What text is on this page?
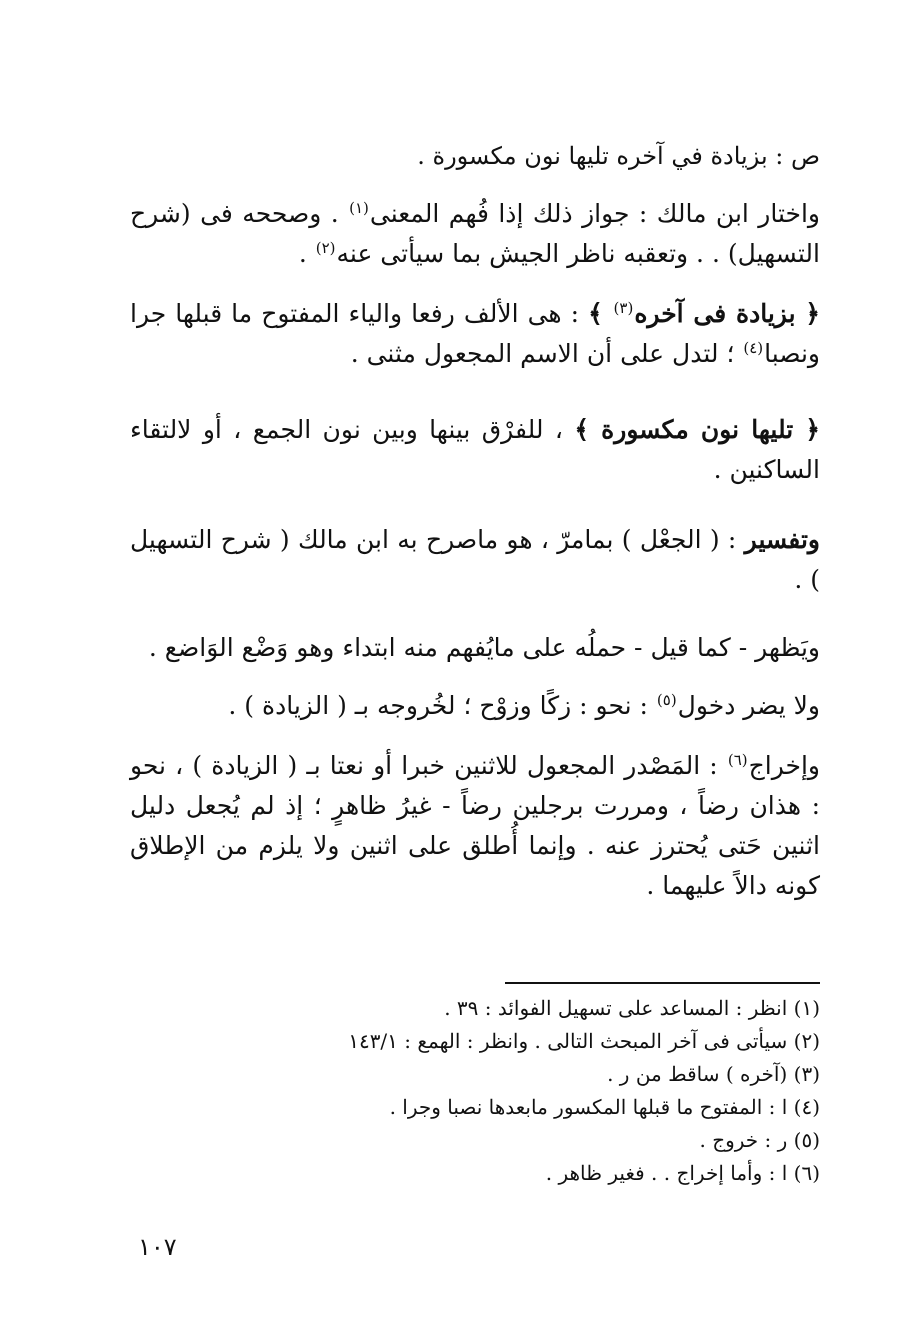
ص : بزيادة في آخره تليها نون مكسورة .
واختار ابن مالك : جواز ذلك إذا فُهم المعنى$^{(١)}$ . وصححه فى (شرح التسهيل) . . وتعقبه ناظر الجيش بما سيأتى عنه$^{(٢)}$ .
﴿ بزيادة فى آخره$^{(٣)}$ ﴾ : هى الألف رفعا والياء المفتوح ما قبلها جرا ونصبا$^{(٤)}$ ؛ لتدل على أن الاسم المجعول مثنى .
﴿ تليها نون مكسورة ﴾ ، للفرْق بينها وبين نون الجمع ، أو لالتقاء الساكنين .
وتفسير : ( الجعْل ) بمامرّ ، هو ماصرح به ابن مالك ( شرح التسهيل ) .
ويَظهر - كما قيل - حملُه على مايُفهم منه ابتداء وهو وَضْع الوَاضع .
ولا يضر دخول$^{(٥)}$ : نحو : زكًا وزوْح ؛ لخُروجه بـ ( الزيادة ) .
وإخراج$^{(٦)}$ : المَصْدر المجعول للاثنين خبرا أو نعتا بـ ( الزيادة ) ، نحو : هذان رضاً ، ومررت برجلين رضاً - غيرُ ظاهرٍ ؛ إذ لم يُجعل دليل اثنين حَتى يُحترز عنه . وإنما أُطلق على اثنين ولا يلزم من الإطلاق كونه دالاً عليهما .
(١) انظر : المساعد على تسهيل الفوائد : ٣٩ .
(٢) سيأتى فى آخر المبحث التالى . وانظر : الهمع : ١٤٣/١
(٣) (آخره ) ساقط من ر .
(٤) ا : المفتوح ما قبلها المكسور مابعدها نصبا وجرا .
(٥) ر : خروج .
(٦) ا : وأما إخراج . . فغير ظاهر .
١٠٧
